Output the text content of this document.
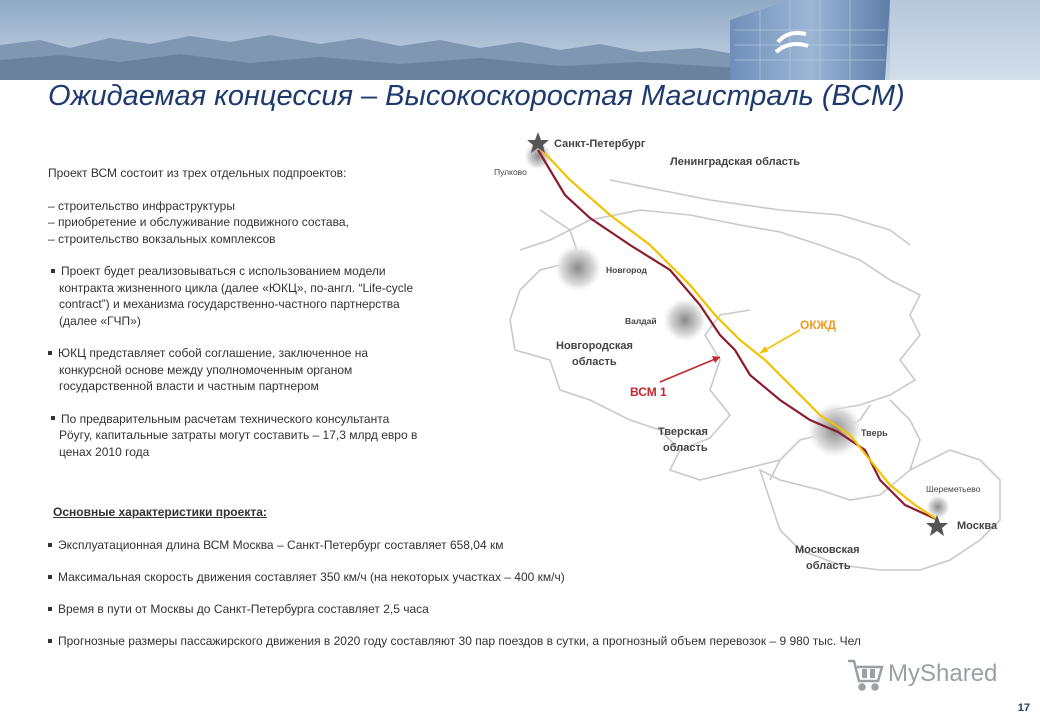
Ожидаемая концессия – Высокоскоростая Магистраль (ВСМ)

Проект ВСМ состоит из трех отдельных подпроектов:

– строительство инфраструктуры

– приобретение и обслуживание подвижного состава,

– строительство вокзальных комплексов

Проект будет реализовываться с использованием модели

контракта жизненного цикла (далее «ЮКЦ», по-англ. “Life-cycle

contract”) и механизма государственно-частного партнерства

(далее «ГЧП»)

ЮКЦ представляет собой соглашение, заключенное на

конкурсной основе между уполномоченным органом

государственной власти и частным партнером

По предварительным расчетам технического консультанта

Рöyгу, капитальные затраты могут составить – 17,3 млрд евро в

ценах 2010 года

Основные характеристики проекта:
Эксплуатационная длина ВСМ Москва – Санкт-Петербург составляет 658,04 км
Максимальная скорость движения составляет 350 км/ч (на некоторых участках – 400 км/ч)
Время в пути от Москвы до Санкт-Петербурга составляет 2,5 часа
Прогнозные размеры пассажирского движения в 2020 году составляют 30 пар поездов в сутки, а прогнозный объем перевозок – 9 980 тыс. Чел
Санкт-Петербург
Пулково
Ленинградская область
Новгород
Валдай
Новгородская
область
ОКЖД
ВСМ 1
Тверская
область
Тверь
Шереметьево
Москва
Московская
область
MyShared
17
